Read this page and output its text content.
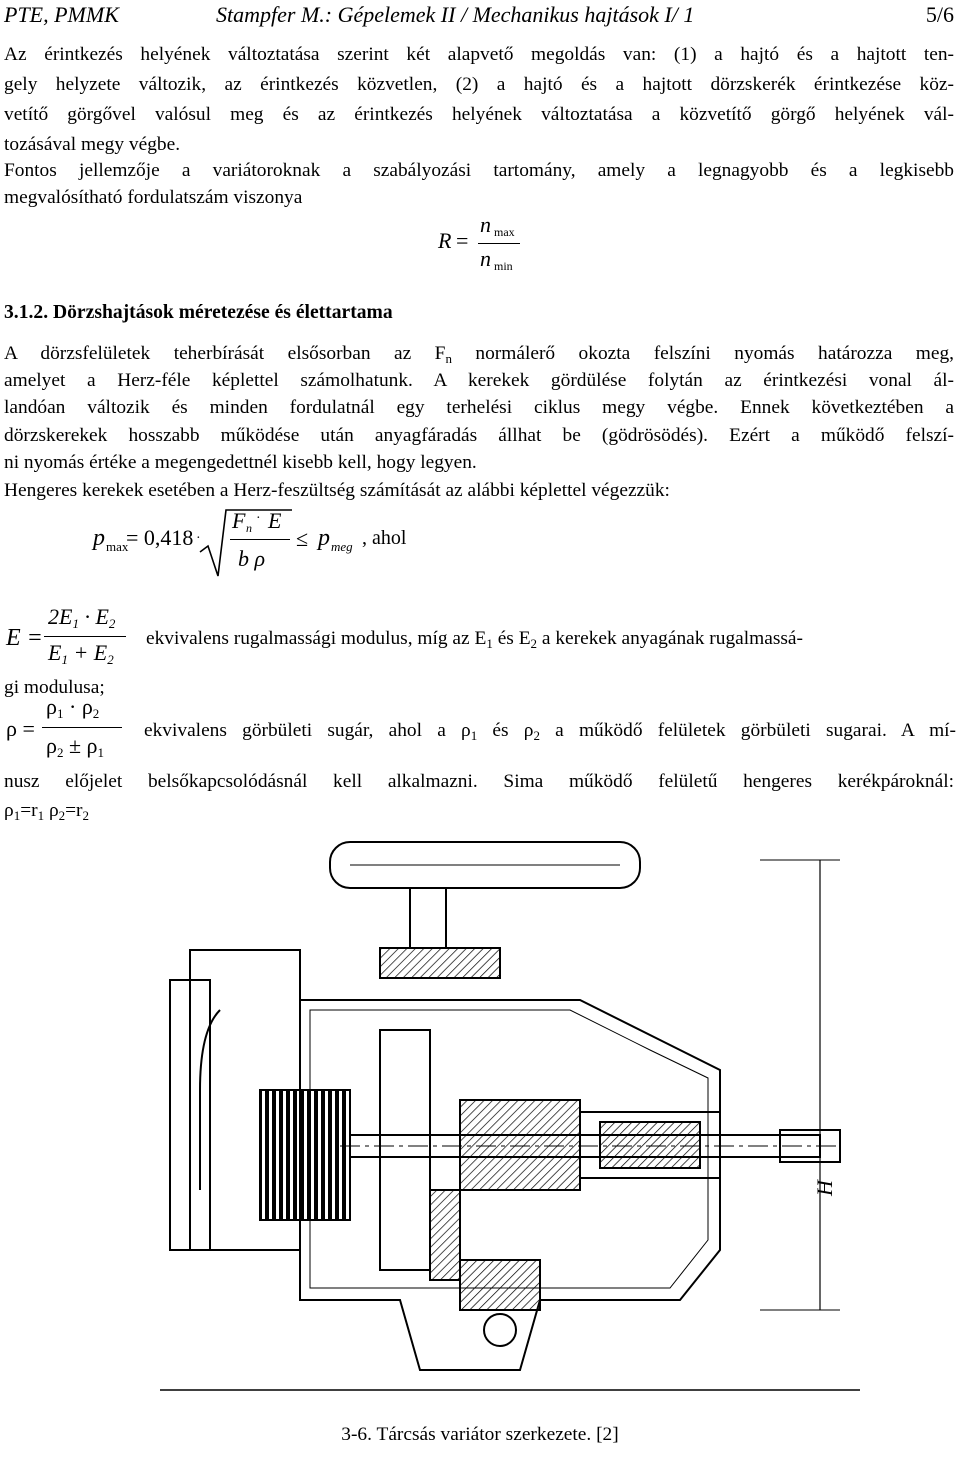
PTE, PMMK	Stampfer M.: Gépelemek II / Mechanikus hajtások I/ 1	5/6
Az érintkezés helyének változtatása szerint két alapvető megoldás van: (1) a hajtó és a hajtott ten-
gely helyzete változik, az érintkezés közvetlen, (2) a hajtó és a hajtott dörzskerék érintkezése köz-
vetítő görgővel valósul meg és az érintkezés helyének változtatása a közvetítő görgő helyének vál-
tozásával megy végbe.
Fontos jellemzője a variátoroknak a szabályozási tartomány, amely a legnagyobb és a legkisebb
megvalósítható fordulatszám viszonya
R =
n max
n min
3.1.2. Dörzshajtások méretezése és élettartama
A dörzsfelületek teherbírását elsősorban az $F_n$ normálerő okozta felszíni nyomás határozza meg,
amelyet a Herz-féle képlettel számolhatunk. A kerekek gördülése folytán az érintkezési vonal ál-
landóan változik és minden fordulatnál egy terhelési ciklus megy végbe. Ennek következtében a
dörzskerekek hosszabb működése után anyagfáradás állhat be (gödrösödés). Ezért a működő felszí-
ni nyomás értéke a megengedettnél kisebb kell, hogy legyen.
Hengeres kerekek esetében a Herz-feszültség számítását az alábbi képlettel végezzük:
p max
= 0,418 ·
F n
· E
b ρ
≤ p meg , ahol
E =
$2E_1 \cdot E_2$
$E_1 + E_2$
ekvivalens rugalmassági modulus, míg az $E_1$ és $E_2$ a kerekek anyagának rugalmassá-
gi modulusa;
ρ =
$\rho_1 \cdot \rho_2$
$\rho_2 \pm \rho_1$
ekvivalens görbületi sugár, ahol a $\rho_1$ és $\rho_2$ a működő felületek görbületi sugarai. A mí-
nusz előjelet belsőkapcsolódásnál kell alkalmazni. Sima működő felületű hengeres kerékpároknál:
$\rho_1=r_1$ $\rho_2=r_2$
H
3-6. Tárcsás variátor szerkezete. [2]
